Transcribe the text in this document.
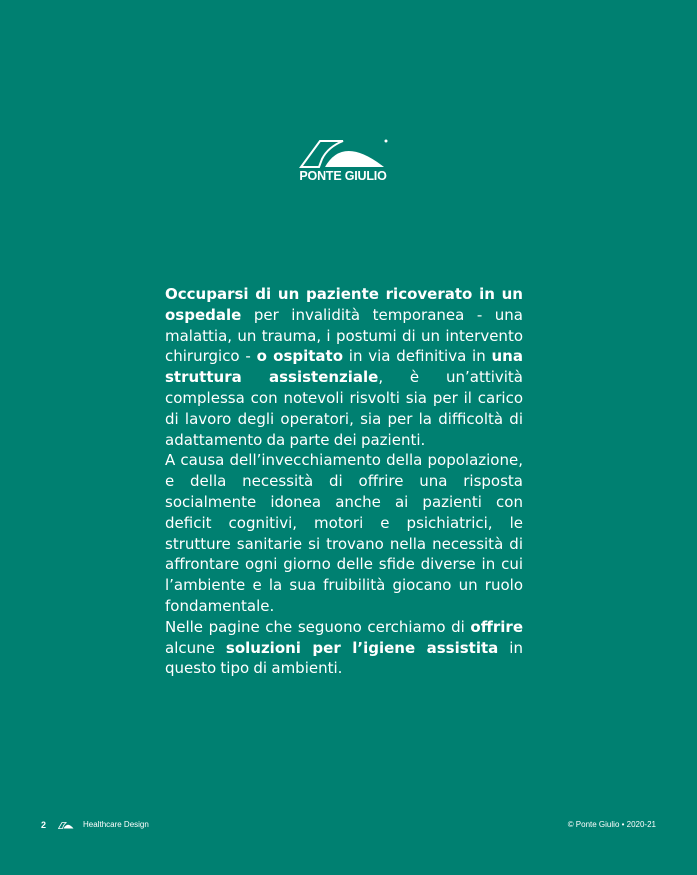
PONTE GIULIO

Occuparsi di un paziente ricoverato in un ospedale per invalidità temporanea - una malattia, un trauma, i postumi di un intervento chirurgico - o ospitato in via definitiva in una struttura assistenziale, è un’attività complessa con notevoli risvolti sia per il carico di lavoro degli operatori, sia per la difficoltà di adattamento da parte dei pazienti.

A causa dell’invecchiamento della popolazione, e della necessità di offrire una risposta socialmente idonea anche ai pazienti con deficit cognitivi, motori e psichiatrici, le strutture sanitarie si trovano nella necessità di affrontare ogni giorno delle sfide diverse in cui l’ambiente e la sua fruibilità giocano un ruolo fondamentale.

Nelle pagine che seguono cerchiamo di offrire alcune soluzioni per l’igiene assistita in questo tipo di ambienti.

2	Healthcare Design	© Ponte Giulio • 2020-21
